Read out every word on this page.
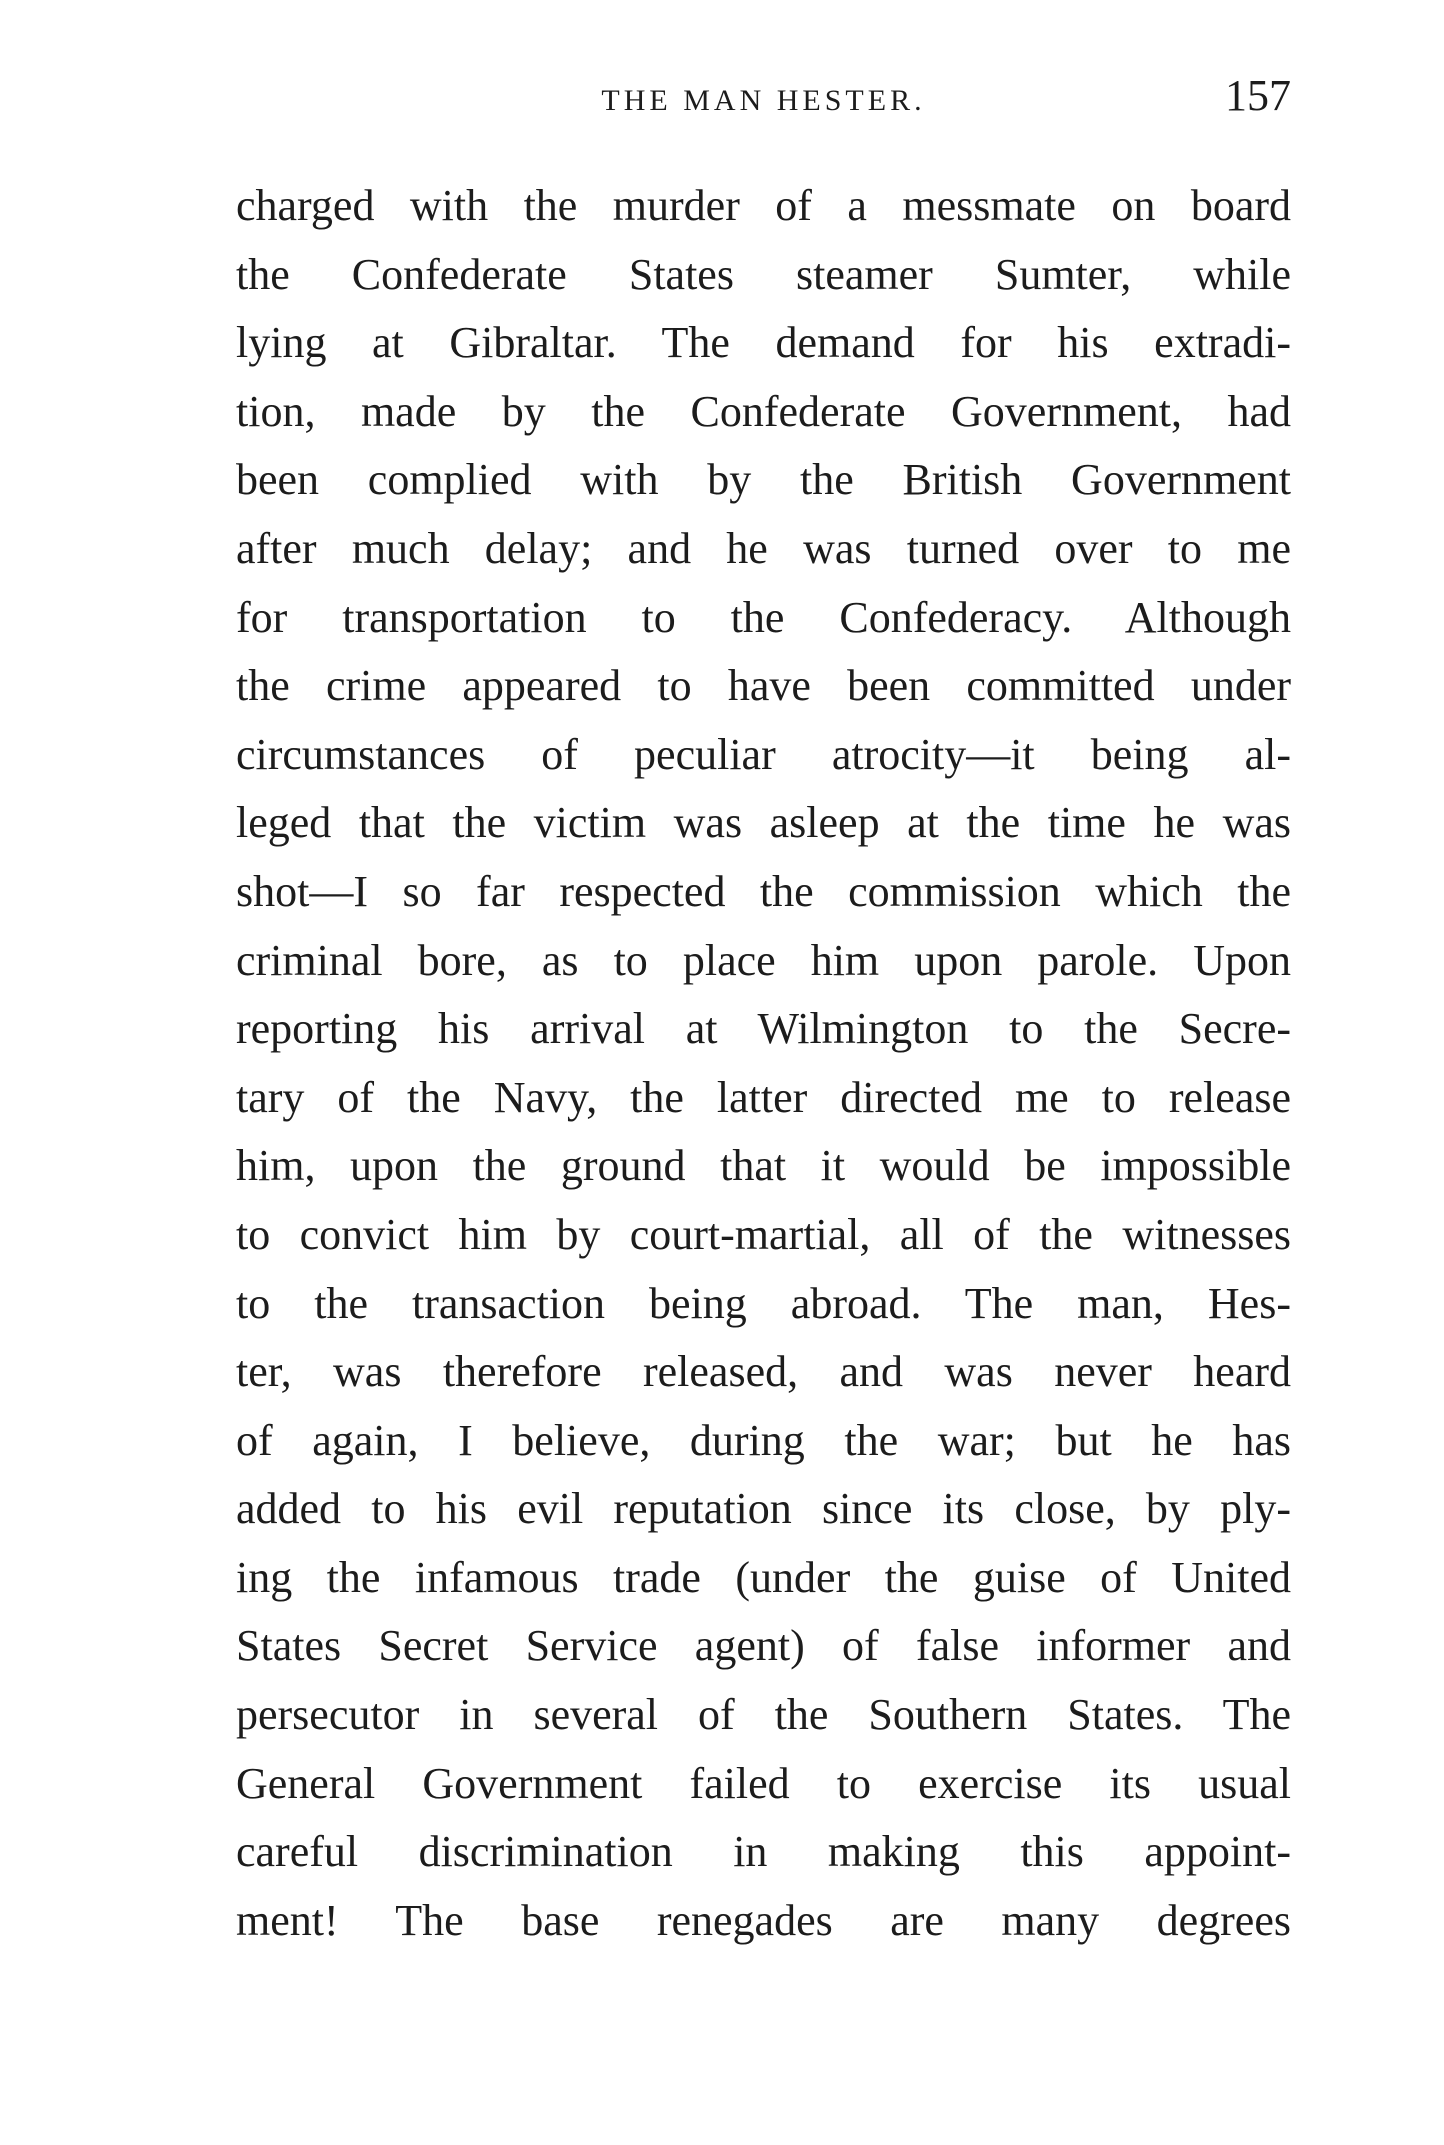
THE MAN HESTER.	157
charged with the murder of a messmate on board
the Confederate States steamer Sumter, while
lying at Gibraltar. The demand for his extradi-
tion, made by the Confederate Government, had
been complied with by the British Government
after much delay; and he was turned over to me
for transportation to the Confederacy. Although
the crime appeared to have been committed under
circumstances of peculiar atrocity—it being al-
leged that the victim was asleep at the time he was
shot—I so far respected the commission which the
criminal bore, as to place him upon parole. Upon
reporting his arrival at Wilmington to the Secre-
tary of the Navy, the latter directed me to release
him, upon the ground that it would be impossible
to convict him by court-martial, all of the witnesses
to the transaction being abroad. The man, Hes-
ter, was therefore released, and was never heard
of again, I believe, during the war; but he has
added to his evil reputation since its close, by ply-
ing the infamous trade (under the guise of United
States Secret Service agent) of false informer and
persecutor in several of the Southern States. The
General Government failed to exercise its usual
careful discrimination in making this appoint-
ment! The base renegades are many degrees
